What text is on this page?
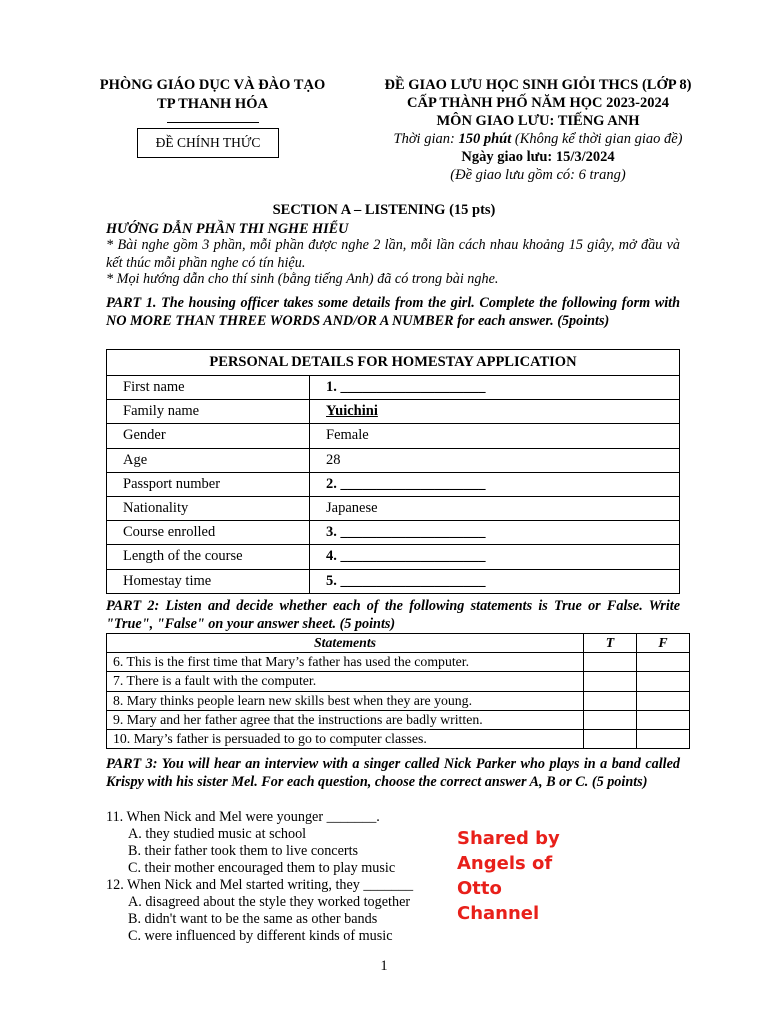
PHÒNG GIÁO DỤC VÀ ĐÀO TẠO
TP THANH HÓA
ĐỀ CHÍNH THỨC
ĐỀ GIAO LƯU HỌC SINH GIỎI THCS (LỚP 8)
CẤP THÀNH PHỐ NĂM HỌC 2023-2024
MÔN GIAO LƯU: TIẾNG ANH
Thời gian: 150 phút (Không kể thời gian giao đề)
Ngày giao lưu: 15/3/2024
(Đề giao lưu gồm có: 6 trang)
SECTION A – LISTENING (15 pts)
HƯỚNG DẪN PHẦN THI NGHE HIỂU
* Bài nghe gồm 3 phần, mỗi phần được nghe 2 lần, mỗi lần cách nhau khoảng 15 giây, mở đầu và kết thúc mỗi phần nghe có tín hiệu.
* Mọi hướng dẫn cho thí sinh (bằng tiếng Anh) đã có trong bài nghe.
PART 1. The housing officer takes some details from the girl. Complete the following form with NO MORE THAN THREE WORDS AND/OR A NUMBER for each answer. (5points)
PERSONAL DETAILS FOR HOMESTAY APPLICATION	
First name	1. ____________________
Family name	Yuichini
Gender	Female
Age	28
Passport number	2. ____________________
Nationality	Japanese
Course enrolled	3. ____________________
Length of the course	4. ____________________
Homestay time	5. ____________________
PART 2: Listen and decide whether each of the following statements is True or False. Write "True", "False" on your answer sheet. (5 points)
Statements	T	F
6. This is the first time that Mary’s father has used the computer.		
7. There is a fault with the computer.		
8. Mary thinks people learn new skills best when they are young.		
9. Mary and her father agree that the instructions are badly written.		
10. Mary’s father is persuaded to go to computer classes.		
PART 3: You will hear an interview with a singer called Nick Parker who plays in a band called Krispy with his sister Mel. For each question, choose the correct answer A, B or C. (5 points)
11. When Nick and Mel were younger _______.
A. they studied music at school
B. their father took them to live concerts
C. their mother encouraged them to play music
12. When Nick and Mel started writing, they _______
A. disagreed about the style they worked together
B. didn't want to be the same as other bands
C. were influenced by different kinds of music
Shared by
Angels of
Otto
Channel
1
